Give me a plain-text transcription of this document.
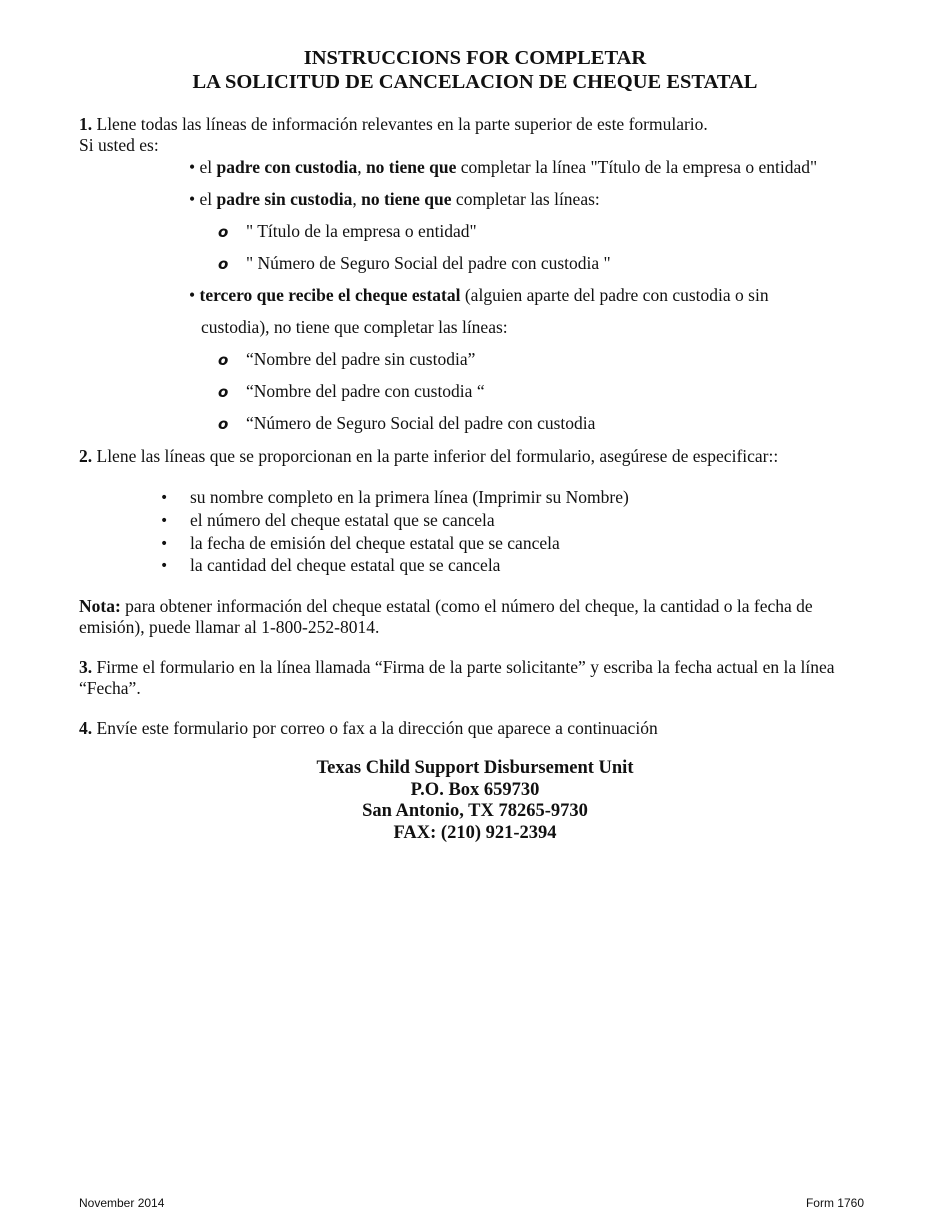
INSTRUCCIONS FOR COMPLETAR
LA SOLICITUD DE CANCELACION DE CHEQUE ESTATAL
1. Llene todas las líneas de información relevantes en la parte superior de este formulario.
Si usted es:
• el padre con custodia, no tiene que completar la línea "Título de la empresa o entidad"
• el padre sin custodia, no tiene que completar las líneas:
o " Título de la empresa o entidad"
o " Número de Seguro Social del padre con custodia "
• tercero que recibe el cheque estatal (alguien aparte del padre con custodia o sin
custodia), no tiene que completar las líneas:
o “Nombre del padre sin custodia”
o “Nombre del padre con custodia “
o “Número de Seguro Social del padre con custodia
2. Llene las líneas que se proporcionan en la parte inferior del formulario, asegúrese de especificar::
• su nombre completo en la primera línea (Imprimir su Nombre)
• el número del cheque estatal que se cancela
• la fecha de emisión del cheque estatal que se cancela
• la cantidad del cheque estatal que se cancela
Nota: para obtener información del cheque estatal (como el número del cheque, la cantidad o la fecha de emisión), puede llamar al 1-800-252-8014.
3. Firme el formulario en la línea llamada “Firma de la parte solicitante” y escriba la fecha actual en la línea “Fecha”.
4. Envíe este formulario por correo o fax a la dirección que aparece a continuación
Texas Child Support Disbursement Unit
P.O. Box 659730
San Antonio, TX 78265-9730
FAX: (210) 921-2394
November 2014	Form 1760
